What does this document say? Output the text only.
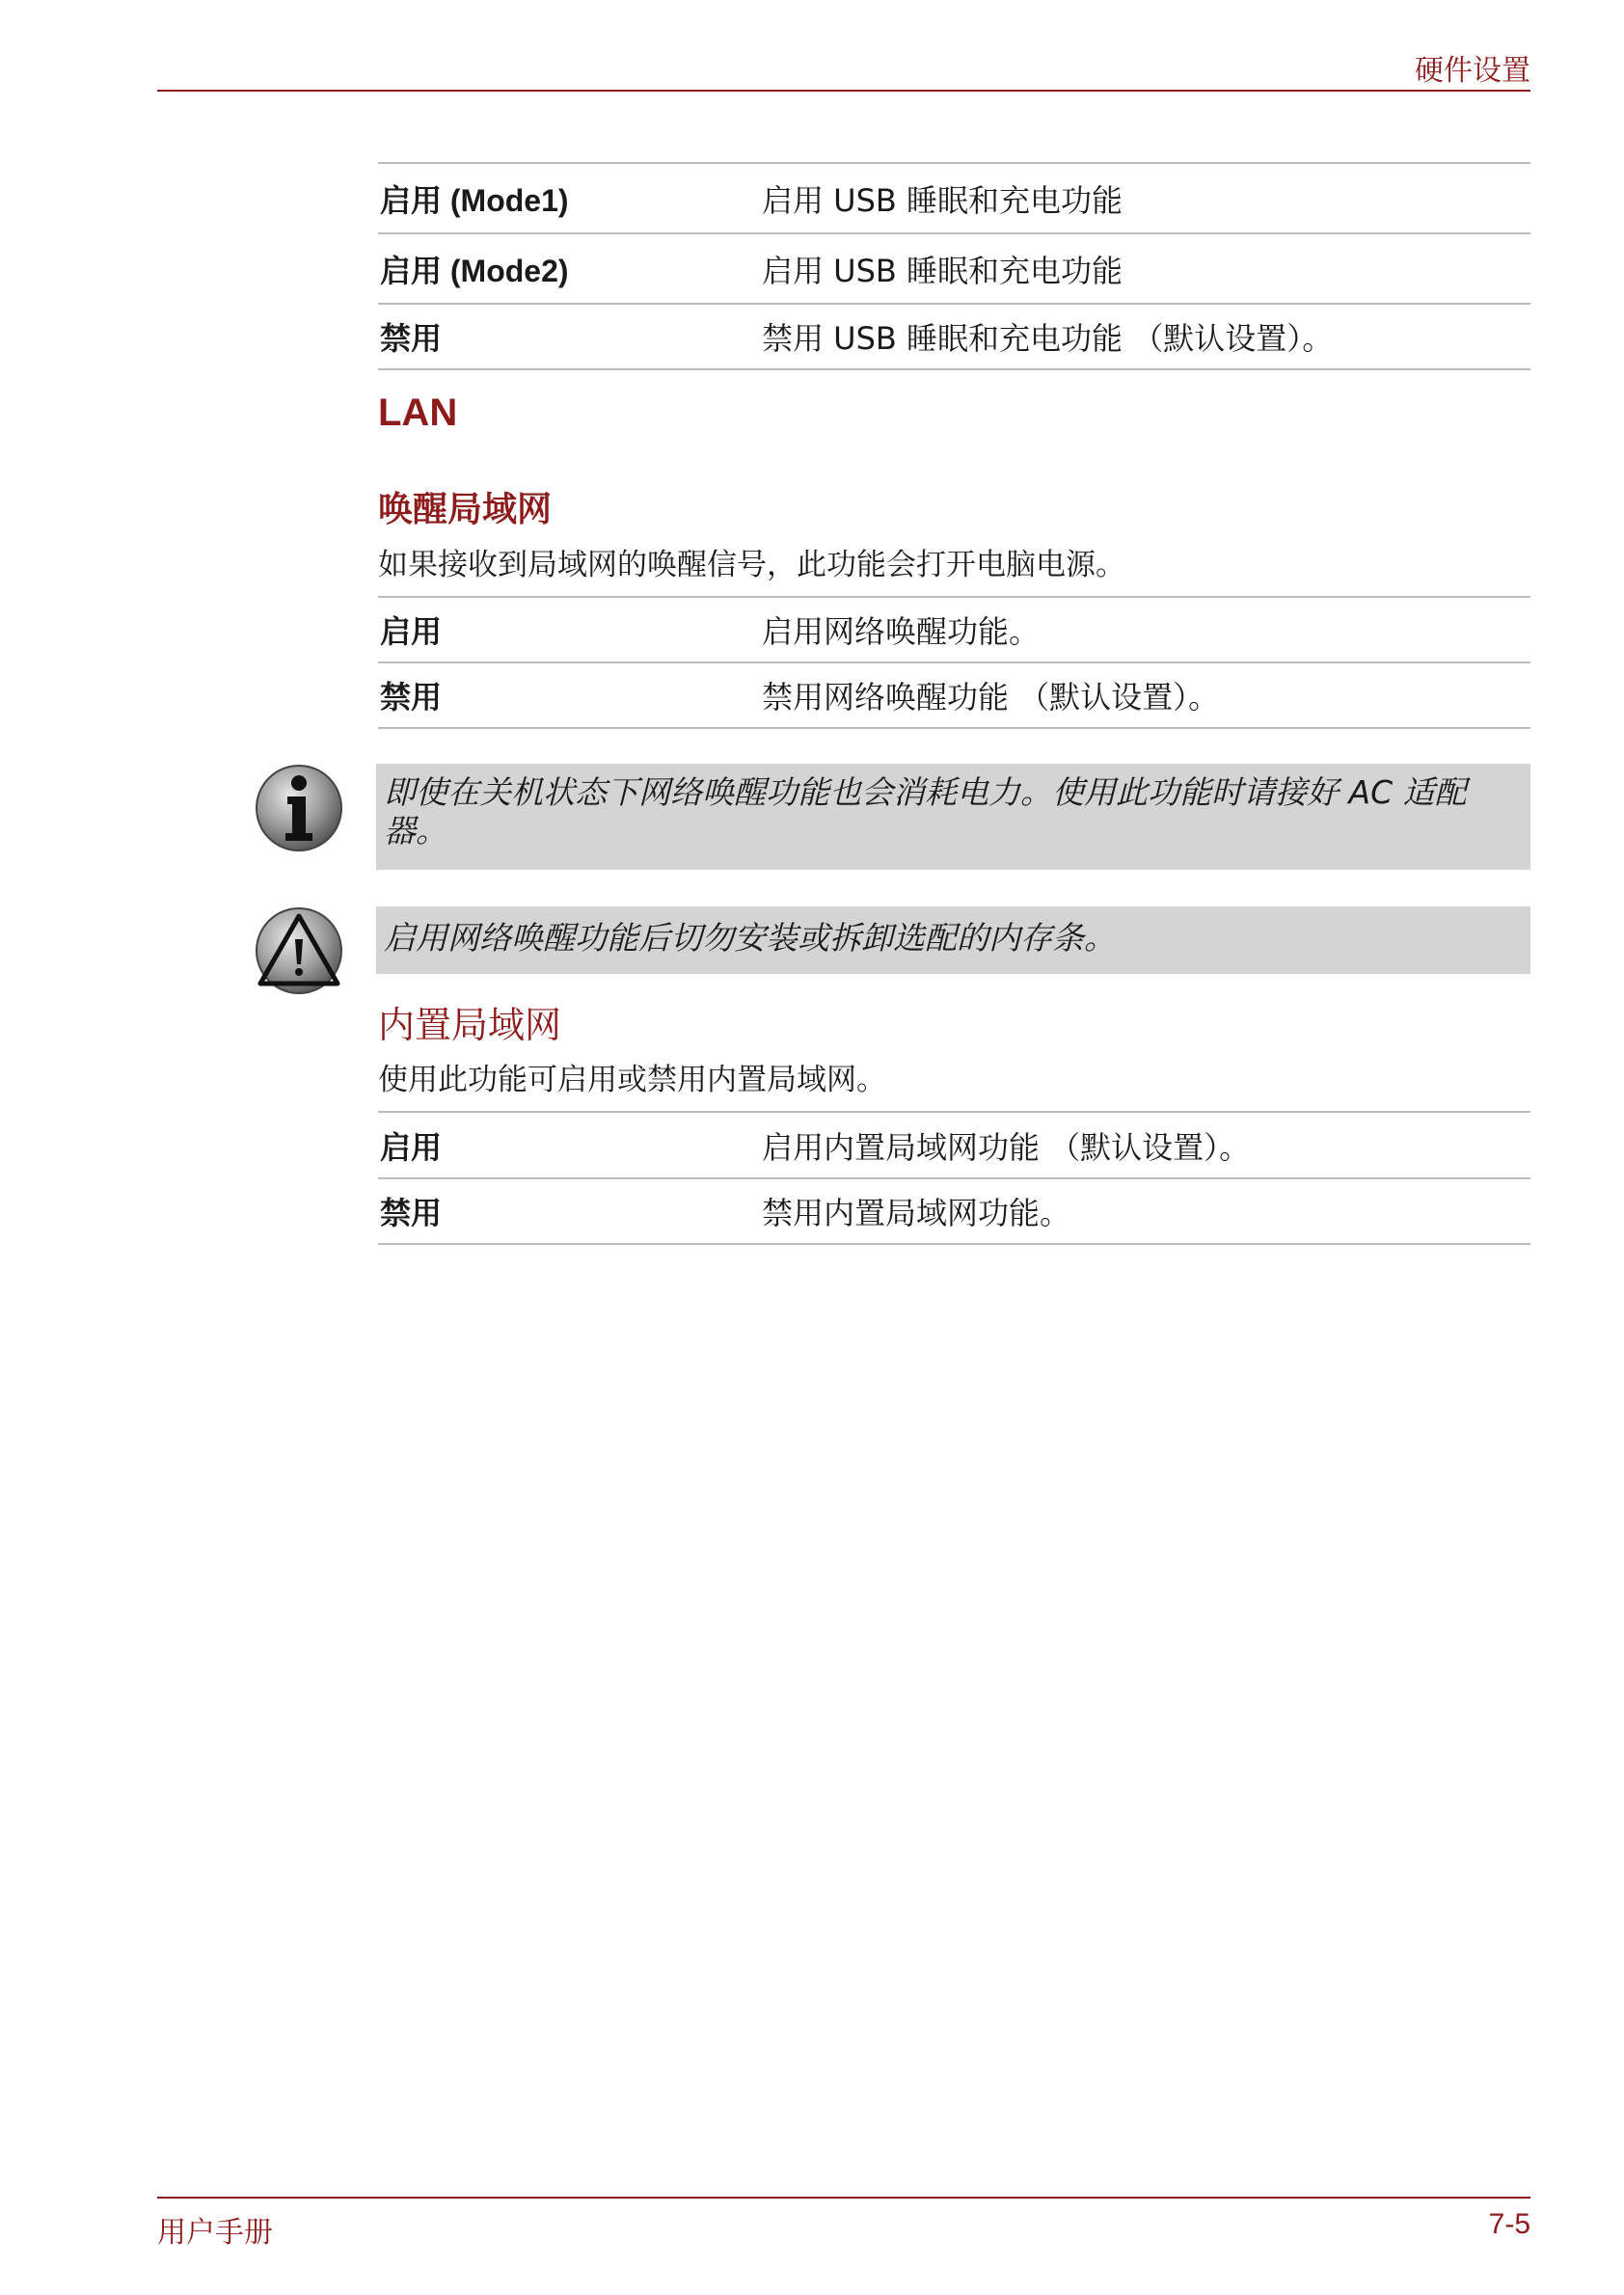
硬件设置
启用 (Mode1)	启用 USB 睡眠和充电功能
启用 (Mode2)	启用 USB 睡眠和充电功能
禁用	禁用 USB 睡眠和充电功能 （默认设置）。
LAN
唤醒局域网
如果接收到局域网的唤醒信号，此功能会打开电脑电源。
启用	启用网络唤醒功能。
禁用	禁用网络唤醒功能 （默认设置）。
即使在关机状态下网络唤醒功能也会消耗电力。使用此功能时请接好 AC 适配器。
启用网络唤醒功能后切勿安装或拆卸选配的内存条。
内置局域网
使用此功能可启用或禁用内置局域网。
启用	启用内置局域网功能 （默认设置）。
禁用	禁用内置局域网功能。
用户手册	7-5
